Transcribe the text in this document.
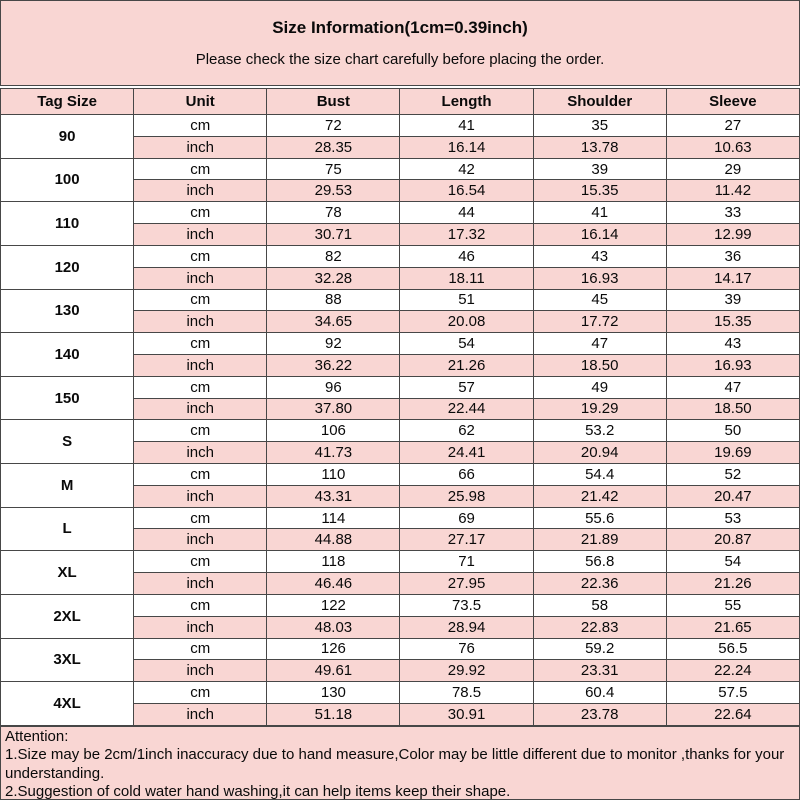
Size Information(1cm=0.39inch)
Please check the size chart carefully before placing the order.
Tag Size	Unit	Bust	Length	Shoulder	Sleeve
90	cm	72	41	35	27
	inch	28.35	16.14	13.78	10.63
100	cm	75	42	39	29
	inch	29.53	16.54	15.35	11.42
110	cm	78	44	41	33
	inch	30.71	17.32	16.14	12.99
120	cm	82	46	43	36
	inch	32.28	18.11	16.93	14.17
130	cm	88	51	45	39
	inch	34.65	20.08	17.72	15.35
140	cm	92	54	47	43
	inch	36.22	21.26	18.50	16.93
150	cm	96	57	49	47
	inch	37.80	22.44	19.29	18.50
S	cm	106	62	53.2	50
	inch	41.73	24.41	20.94	19.69
M	cm	110	66	54.4	52
	inch	43.31	25.98	21.42	20.47
L	cm	114	69	55.6	53
	inch	44.88	27.17	21.89	20.87
XL	cm	118	71	56.8	54
	inch	46.46	27.95	22.36	21.26
2XL	cm	122	73.5	58	55
	inch	48.03	28.94	22.83	21.65
3XL	cm	126	76	59.2	56.5
	inch	49.61	29.92	23.31	22.24
4XL	cm	130	78.5	60.4	57.5
	inch	51.18	30.91	23.78	22.64
Attention:
1.Size may be 2cm/1inch inaccuracy due to hand measure,Color may be little different due to monitor ,thanks for your understanding.
2.Suggestion of cold water hand washing,it can help items keep their shape.
